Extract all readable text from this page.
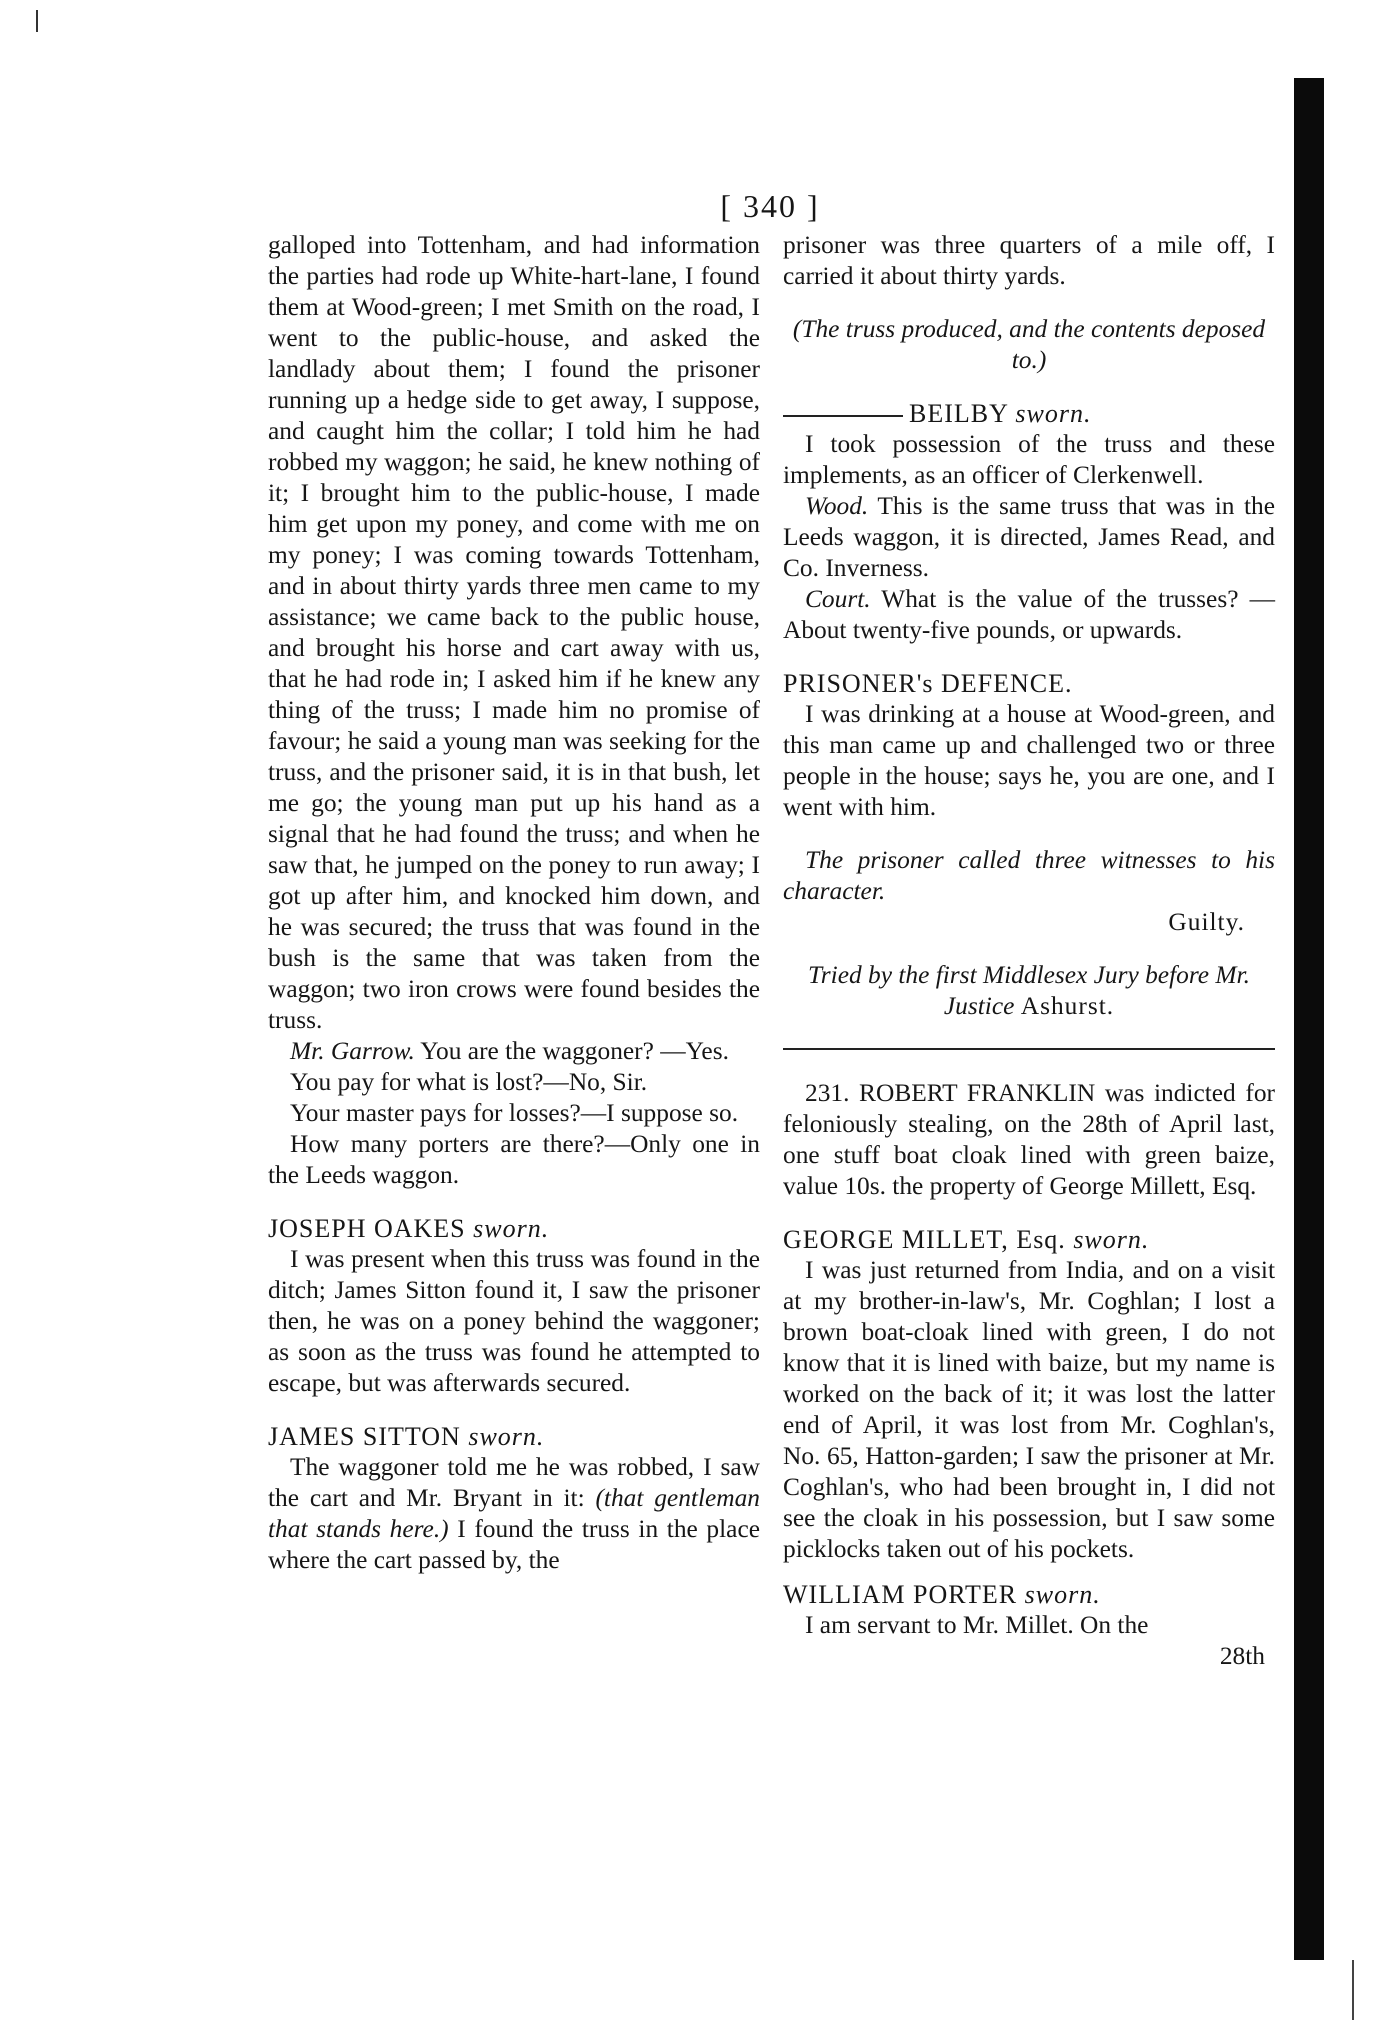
[ 340 ]

galloped into Tottenham, and had information the parties had rode up White-hart-lane, I found them at Wood-green; I met Smith on the road, I went to the public-house, and asked the landlady about them; I found the prisoner running up a hedge side to get away, I suppose, and caught him the collar; I told him he had robbed my waggon; he said, he knew nothing of it; I brought him to the public-house, I made him get upon my poney, and come with me on my poney; I was coming towards Tottenham, and in about thirty yards three men came to my assistance; we came back to the public house, and brought his horse and cart away with us, that he had rode in; I asked him if he knew any thing of the truss; I made him no promise of favour; he said a young man was seeking for the truss, and the prisoner said, it is in that bush, let me go; the young man put up his hand as a signal that he had found the truss; and when he saw that, he jumped on the poney to run away; I got up after him, and knocked him down, and he was secured; the truss that was found in the bush is the same that was taken from the waggon; two iron crows were found besides the truss.

Mr. Garrow. You are the waggoner? —Yes.

You pay for what is lost?—No, Sir.

Your master pays for losses?—I suppose so.

How many porters are there?—Only one in the Leeds waggon.

JOSEPH OAKES sworn.

I was present when this truss was found in the ditch; James Sitton found it, I saw the prisoner then, he was on a poney behind the waggoner; as soon as the truss was found he attempted to escape, but was afterwards secured.

JAMES SITTON sworn.

The waggoner told me he was robbed, I saw the cart and Mr. Bryant in it: (that gentleman that stands here.) I found the truss in the place where the cart passed by, the

prisoner was three quarters of a mile off, I carried it about thirty yards.

(The truss produced, and the contents deposed to.)

BEILBY sworn.

I took possession of the truss and these implements, as an officer of Clerkenwell.

Wood. This is the same truss that was in the Leeds waggon, it is directed, James Read, and Co. Inverness.

Court. What is the value of the trusses? —About twenty-five pounds, or upwards.

PRISONER's DEFENCE.

I was drinking at a house at Wood-green, and this man came up and challenged two or three people in the house; says he, you are one, and I went with him.

The prisoner called three witnesses to his character.

Guilty.

Tried by the first Middlesex Jury before Mr. Justice Ashurst.

231. ROBERT FRANKLIN was indicted for feloniously stealing, on the 28th of April last, one stuff boat cloak lined with green baize, value 10s. the property of George Millett, Esq.

GEORGE MILLET, Esq. sworn.

I was just returned from India, and on a visit at my brother-in-law's, Mr. Coghlan; I lost a brown boat-cloak lined with green, I do not know that it is lined with baize, but my name is worked on the back of it; it was lost the latter end of April, it was lost from Mr. Coghlan's, No. 65, Hatton-garden; I saw the prisoner at Mr. Coghlan's, who had been brought in, I did not see the cloak in his possession, but I saw some picklocks taken out of his pockets.

WILLIAM PORTER sworn.

I am servant to Mr. Millet. On the

28th
